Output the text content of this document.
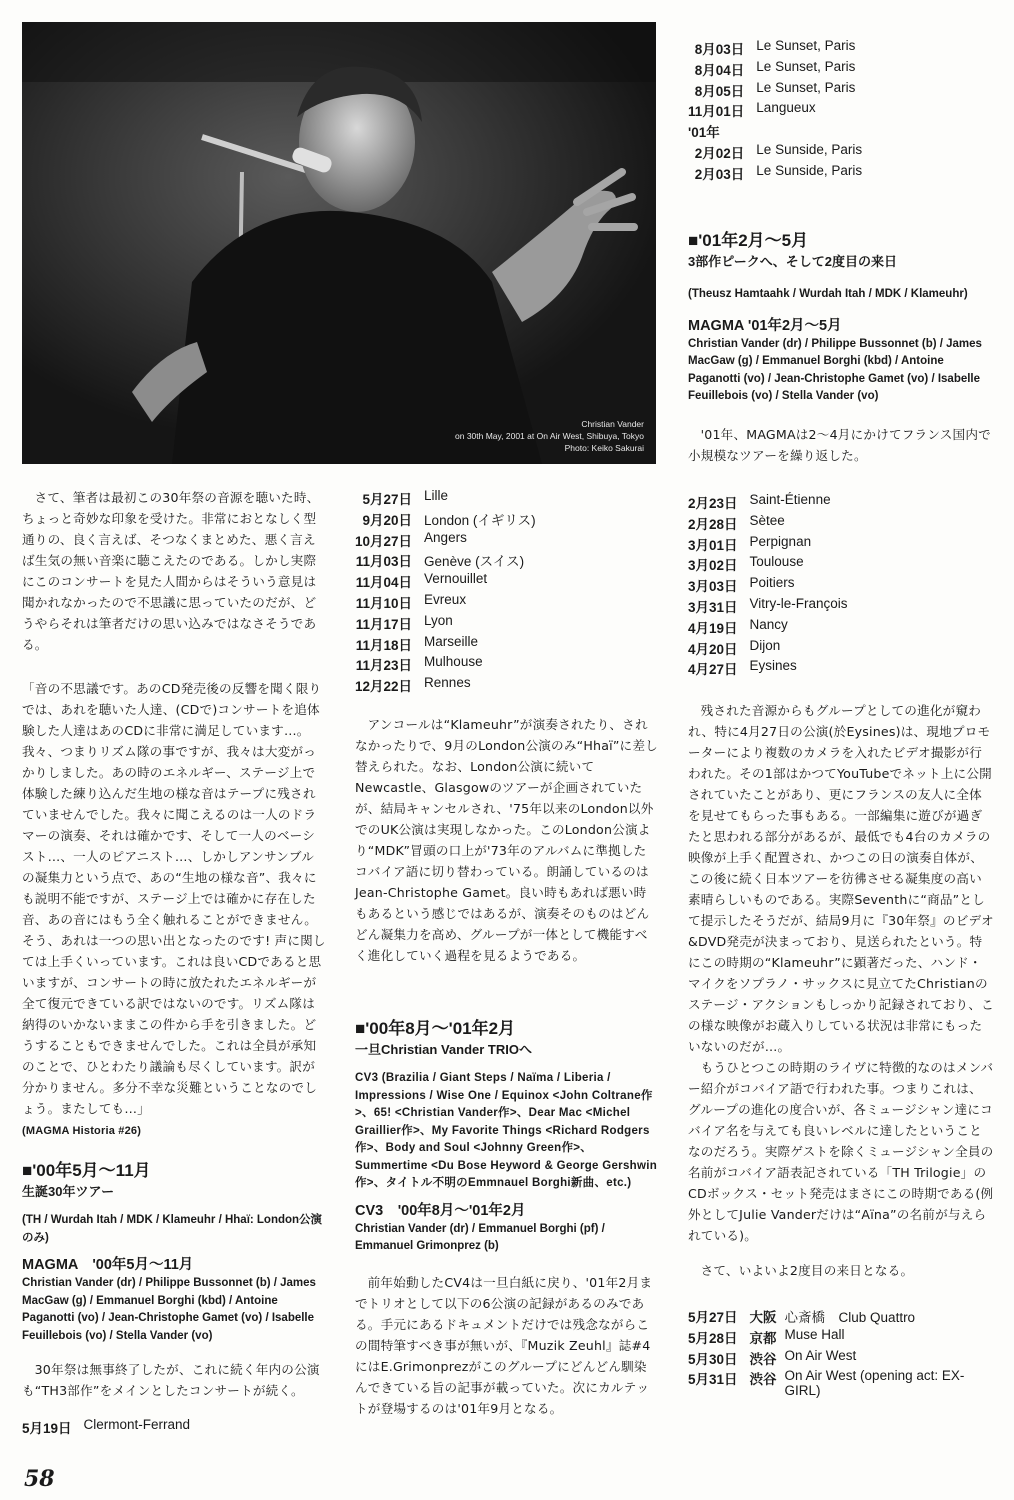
Christian Vander
on 30th May, 2001 at On Air West, Shibuya, Tokyo
Photo: Keiko Sakurai

さて、筆者は最初この30年祭の音源を聴いた時、ちょっと奇妙な印象を受けた。非常におとなしく型通りの、良く言えば、そつなくまとめた、悪く言えば生気の無い音楽に聴こえたのである。しかし実際にこのコンサートを見た人間からはそういう意見は聞かれなかったので不思議に思っていたのだが、どうやらそれは筆者だけの思い込みではなさそうである。

「音の不思議です。あのCD発売後の反響を聞く限りでは、あれを聴いた人達、(CDで)コンサートを追体験した人達はあのCDに非常に満足しています…。我々、つまりリズム隊の事ですが、我々は大変がっかりしました。あの時のエネルギー、ステージ上で体験した練り込んだ生地の様な音はテープに残されていませんでした。我々に聞こえるのは一人のドラマーの演奏、それは確かです、そして一人のベーシスト…、一人のピアニスト…、しかしアンサンブルの凝集力という点で、あの“生地の様な音”、我々にも説明不能ですが、ステージ上では確かに存在した音、あの音にはもう全く触れることができません。そう、あれは一つの思い出となったのです! 声に関しては上手くいっています。これは良いCDであると思いますが、コンサートの時に放たれたエネルギーが全て復元できている訳ではないのです。リズム隊は納得のいかないままこの件から手を引きました。どうすることもできませんでした。これは全員が承知のことで、ひとわたり議論も尽くしています。訳が分かりません。多分不幸な災難ということなのでしょう。またしても…」

(MAGMA Historia #26)
■'00年5月〜11月
生誕30年ツアー
(TH / Wurdah Itah / MDK / Klameuhr / Hhaï: London公演のみ)
MAGMA　'00年5月〜11月
Christian Vander (dr) / Philippe Bussonnet (b) / James MacGaw (g) / Emmanuel Borghi (kbd) / Antoine Paganotti (vo) / Jean-Christophe Gamet (vo) / Isabelle Feuillebois (vo) / Stella Vander (vo)
30年祭は無事終了したが、これに続く年内の公演も“TH3部作”をメインとしたコンサートが続く。
5月19日	Clermont-Ferrand
5月27日	Lille
9月20日	London (イギリス)
10月27日	Angers
11月03日	Genève (スイス)
11月04日	Vernouillet
11月10日	Evreux
11月17日	Lyon
11月18日	Marseille
11月23日	Mulhouse
12月22日	Rennes
アンコールは“Klameuhr”が演奏されたり、されなかったりで、9月のLondon公演のみ“Hhaï”に差し替えられた。なお、London公演に続いてNewcastle、Glasgowのツアーが企画されていたが、結局キャンセルされ、'75年以来のLondon以外でのUK公演は実現しなかった。このLondon公演より“MDK”冒頭の口上が'73年のアルバムに準拠したコバイア語に切り替わっている。朗誦しているのはJean-Christophe Gamet。良い時もあれば悪い時もあるという感じではあるが、演奏そのものはどんどん凝集力を高め、グループが一体として機能すべく進化していく過程を見るようである。
■'00年8月〜'01年2月
一旦Christian Vander TRIOへ
CV3 (Brazilia / Giant Steps / Naïma / Liberia / Impressions / Wise One / Equinox <John Coltrane作>、65! <Christian Vander作>、Dear Mac <Michel Graillier作>、My Favorite Things <Richard Rodgers作>、Body and Soul <Johnny Green作>、Summertime <Du Bose Heyword & George Gershwin作>、タイトル不明のEmmnauel Borghi新曲、etc.)
CV3　'00年8月〜'01年2月
Christian Vander (dr) / Emmanuel Borghi (pf) / Emmanuel Grimonprez (b)
前年始動したCV4は一旦白紙に戻り、'01年2月までトリオとして以下の6公演の記録があるのみである。手元にあるドキュメントだけでは残念ながらこの間特筆すべき事が無いが、『Muzik Zeuhl』誌#4にはE.Grimonprezがこのグループにどんどん馴染んできている旨の記事が載っていた。次にカルテットが登場するのは'01年9月となる。
8月03日	Le Sunset, Paris
8月04日	Le Sunset, Paris
8月05日	Le Sunset, Paris
11月01日	Langueux
'01年	
2月02日	Le Sunside, Paris
2月03日	Le Sunside, Paris
■'01年2月〜5月
3部作ピークへ、そして2度目の来日
(Theusz Hamtaahk / Wurdah Itah / MDK / Klameuhr)
MAGMA '01年2月〜5月
Christian Vander (dr) / Philippe Bussonnet (b) / James MacGaw (g) / Emmanuel Borghi (kbd) / Antoine Paganotti (vo) / Jean-Christophe Gamet (vo) / Isabelle Feuillebois (vo) / Stella Vander (vo)
'01年、MAGMAは2〜4月にかけてフランス国内で小規模なツアーを繰り返した。
2月23日	Saint-Étienne
2月28日	Sètee
3月01日	Perpignan
3月02日	Toulouse
3月03日	Poitiers
3月31日	Vitry-le-François
4月19日	Nancy
4月20日	Dijon
4月27日	Eysines

残された音源からもグループとしての進化が窺われ、特に4月27日の公演(於Eysines)は、現地プロモーターにより複数のカメラを入れたビデオ撮影が行われた。その1部はかつてYouTubeでネット上に公開されていたことがあり、更にフランスの友人に全体を見せてもらった事もある。一部編集に遊びが過ぎたと思われる部分があるが、最低でも4台のカメラの映像が上手く配置され、かつこの日の演奏自体が、この後に続く日本ツアーを彷彿させる凝集度の高い素晴らしいものである。実際Seventhに“商品”として提示したそうだが、結局9月に『30年祭』のビデオ&DVD発売が決まっており、見送られたという。特にこの時期の“Klameuhr”に顕著だった、ハンド・マイクをソプラノ・サックスに見立てたChristianのステージ・アクションもしっかり記録されており、この様な映像がお蔵入りしている状況は非常にもったいないのだが…。

もうひとつこの時期のライヴに特徴的なのはメンバー紹介がコバイア語で行われた事。つまりこれは、グループの進化の度合いが、各ミュージシャン達にコバイア名を与えても良いレベルに達したということなのだろう。実際ゲストを除くミュージシャン全員の名前がコバイア語表記されている「TH Trilogie」のCDボックス・セット発売はまさにこの時期である(例外としてJulie Vanderだけは“Aïna”の名前が与えられている)。

さて、いよいよ2度目の来日となる。

5月27日	大阪	心斎橋　Club Quattro
5月28日	京都	Muse Hall
5月30日	渋谷	On Air West
5月31日	渋谷	On Air West (opening act: EX-GIRL)
58
